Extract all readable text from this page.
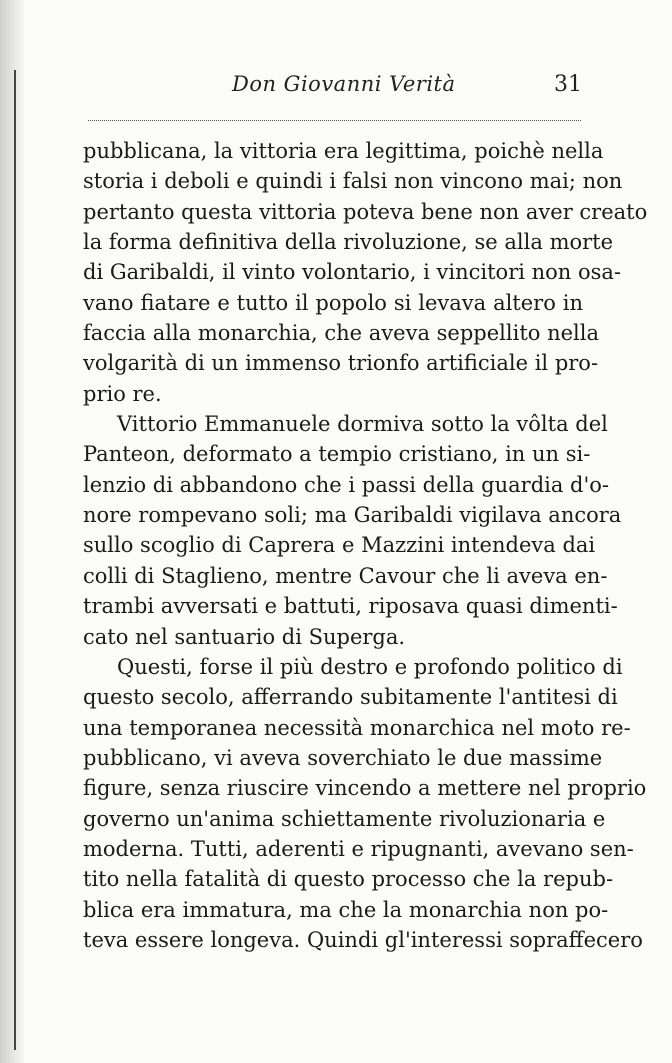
Don Giovanni Verità	31
pubblicana, la vittoria era legittima, poichè nella
storia i deboli e quindi i falsi non vincono mai; non
pertanto questa vittoria poteva bene non aver creato
la forma definitiva della rivoluzione, se alla morte
di Garibaldi, il vinto volontario, i vincitori non osa-
vano fiatare e tutto il popolo si levava altero in
faccia alla monarchia, che aveva seppellito nella
volgarità di un immenso trionfo artificiale il pro-
prio re.
Vittorio Emmanuele dormiva sotto la vôlta del
Panteon, deformato a tempio cristiano, in un si-
lenzio di abbandono che i passi della guardia d'o-
nore rompevano soli; ma Garibaldi vigilava ancora
sullo scoglio di Caprera e Mazzini intendeva dai
colli di Staglieno, mentre Cavour che li aveva en-
trambi avversati e battuti, riposava quasi dimenti-
cato nel santuario di Superga.
Questi, forse il più destro e profondo politico di
questo secolo, afferrando subitamente l'antitesi di
una temporanea necessità monarchica nel moto re-
pubblicano, vi aveva soverchiato le due massime
figure, senza riuscire vincendo a mettere nel proprio
governo un'anima schiettamente rivoluzionaria e
moderna. Tutti, aderenti e ripugnanti, avevano sen-
tito nella fatalità di questo processo che la repub-
blica era immatura, ma che la monarchia non po-
teva essere longeva. Quindi gl'interessi sopraffecero
